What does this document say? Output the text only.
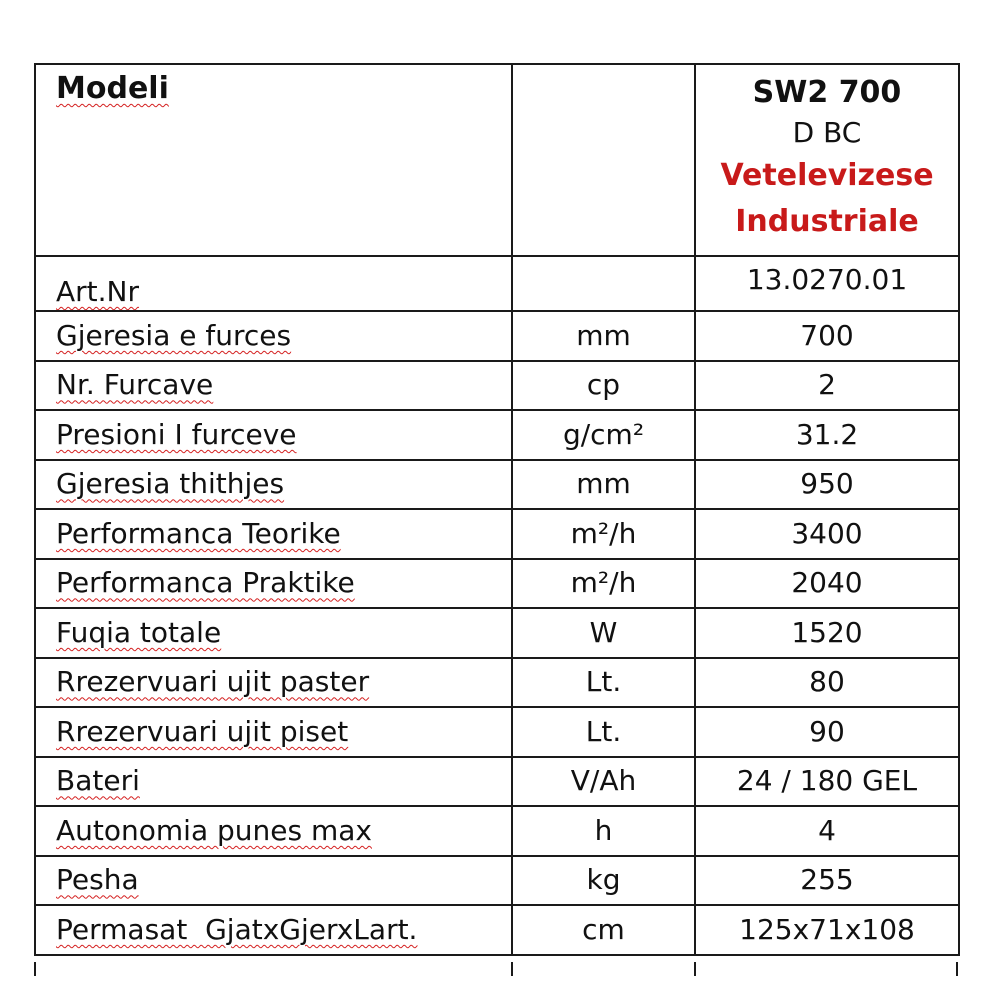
Modeli		SW2 700
D BC
Vetelevizese
Industriale

Art.Nr		13.0270.01
Gjeresia e furces	mm	700
Nr. Furcave	cp	2
Presioni I furceve	g/cm²	31.2
Gjeresia thithjes	mm	950
Performanca Teorike	m²/h	3400
Performanca Praktike	m²/h	2040
Fuqia totale	W	1520
Rrezervuari ujit paster	Lt.	80
Rrezervuari ujit piset	Lt.	90
Bateri	V/Ah	24 / 180 GEL
Autonomia punes max	h	4
Pesha	kg	255
Permasat  GjatxGjerxLart.	cm	125x71x108
